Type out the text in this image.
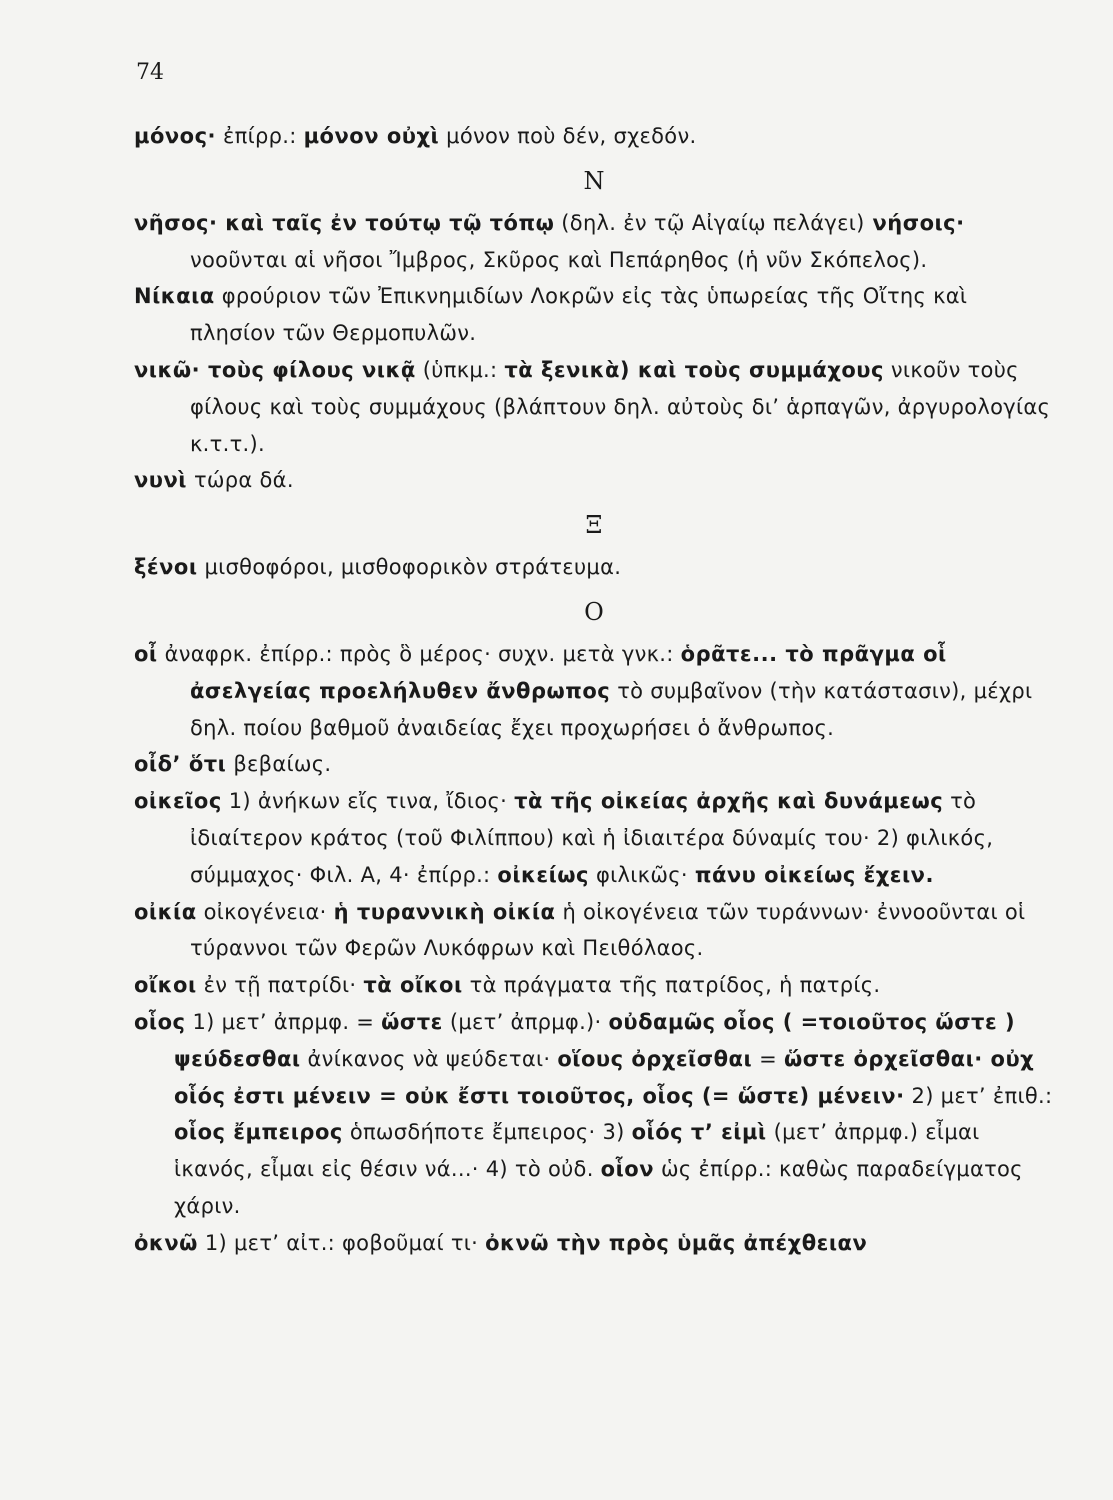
74

μόνος· ἐπίρρ.: μόνον οὐχὶ μόνον ποὺ δέν, σχεδόν.

Ν

νῆσος· καὶ ταῖς ἐν τούτῳ τῷ τόπῳ (δηλ. ἐν τῷ Αἰγαίῳ πελάγει) νήσοις· νοοῦνται αἱ νῆσοι Ἴμβρος, Σκῦρος καὶ Πεπάρηθος (ἡ νῦν Σκόπελος).

Νίκαια φρούριον τῶν Ἐπικνημιδίων Λοκρῶν εἰς τὰς ὑπωρείας τῆς Οἴτης καὶ πλησίον τῶν Θερμοπυλῶν.

νικῶ· τοὺς φίλους νικᾷ (ὑπκμ.: τὰ ξενικὰ) καὶ τοὺς συμμάχους νικοῦν τοὺς φίλους καὶ τοὺς συμμάχους (βλάπτουν δηλ. αὐτοὺς δι’ ἁρπαγῶν, ἀργυρολογίας κ.τ.τ.).

νυνὶ τώρα δά.

Ξ

ξένοι μισθοφόροι, μισθοφορικὸν στράτευμα.

Ο

οἶ ἀναφρκ. ἐπίρρ.: πρὸς ὃ μέρος· συχν. μετὰ γνκ.: ὁρᾶτε... τὸ πρᾶγμα οἷ ἀσελγείας προελήλυθεν ἄνθρωπος τὸ συμβαῖνον (τὴν κατάστασιν), μέχρι δηλ. ποίου βαθμοῦ ἀναιδείας ἔχει προχωρήσει ὁ ἄνθρωπος.

οἶδ’ ὅτι βεβαίως.

οἰκεῖος 1) ἀνήκων εἴς τινα, ἴδιος· τὰ τῆς οἰκείας ἀρχῆς καὶ δυνάμεως τὸ ἰδιαίτερον κράτος (τοῦ Φιλίππου) καὶ ἡ ἰδιαιτέρα δύναμίς του· 2) φιλικός, σύμμαχος· Φιλ. Α, 4· ἐπίρρ.: οἰκείως φιλικῶς· πάνυ οἰκείως ἔχειν.

οἰκία οἰκογένεια· ἡ τυραννικὴ οἰκία ἡ οἰκογένεια τῶν τυράννων· ἐννοοῦνται οἱ τύραννοι τῶν Φερῶν Λυκόφρων καὶ Πειθόλαος.

οἴκοι ἐν τῇ πατρίδι· τὰ οἴκοι τὰ πράγματα τῆς πατρίδος, ἡ πατρίς.

οἷος 1) μετ’ ἀπρμφ. = ὥστε (μετ’ ἀπρμφ.)· οὐδαμῶς οἷος ( =τοιοῦτος ὥστε ) ψεύδεσθαι ἀνίκανος νὰ ψεύδεται· οἵους ὀρχεῖσθαι = ὥστε ὀρχεῖσθαι· οὐχ οἷός ἐστι μένειν = οὐκ ἔστι τοιοῦτος, οἷος (= ὥστε) μένειν· 2) μετ’ ἐπιθ.: οἷος ἔμπειρος ὁπωσδήποτε ἔμπειρος· 3) οἷός τ’ εἰμὶ (μετ’ ἀπρμφ.) εἶμαι ἱκανός, εἶμαι εἰς θέσιν νά...· 4) τὸ οὐδ. οἷον ὡς ἐπίρρ.: καθὼς παραδείγματος χάριν.

ὀκνῶ 1) μετ’ αἰτ.: φοβοῦμαί τι· ὀκνῶ τὴν πρὸς ὑμᾶς ἀπέχθειαν
